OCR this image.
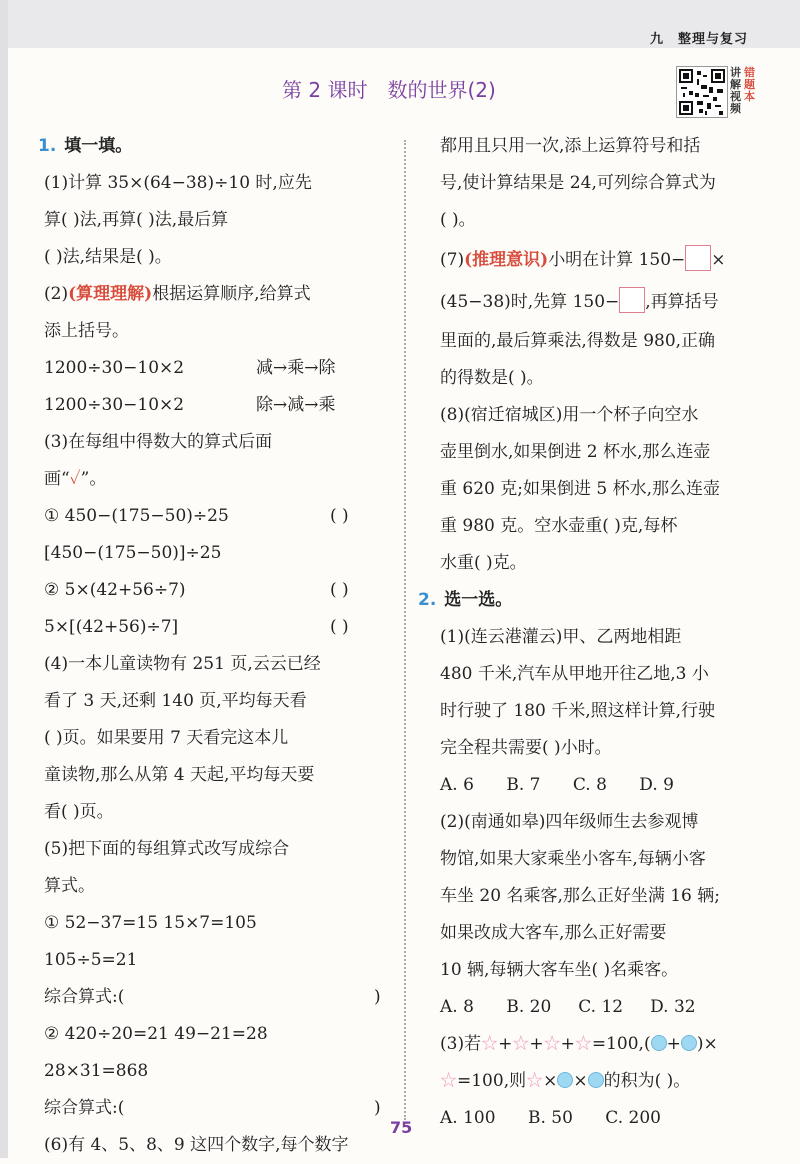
九 整理与复习
第 2 课时 数的世界(2)
讲解视频
错题本
1. 填一填。
(1)计算 35×(64−38)÷10 时,应先
算( )法,再算( )法,最后算
( )法,结果是( )。
(2)(算理理解)根据运算顺序,给算式
添上括号。
1200÷30−10×2	减→乘→除
1200÷30−10×2	除→减→乘
(3)在每组中得数大的算式后面
画“✓”。
① 450−(175−50)÷25	( )
[450−(175−50)]÷25
② 5×(42+56÷7)	( )
5×[(42+56)÷7]	( )
(4)一本儿童读物有 251 页,云云已经
看了 3 天,还剩 140 页,平均每天看
( )页。如果要用 7 天看完这本儿
童读物,那么从第 4 天起,平均每天要
看( )页。
(5)把下面的每组算式改写成综合
算式。
① 52−37=15 15×7=105
105÷5=21
综合算式:(	)
② 420÷20=21 49−21=28
28×31=868
综合算式:(	)
(6)有 4、5、8、9 这四个数字,每个数字
都用且只用一次,添上运算符号和括
号,使计算结果是 24,可列综合算式为
( )。
(7)(推理意识)小明在计算 150− ×
(45−38)时,先算 150− ,再算括号
里面的,最后算乘法,得数是 980,正确
的得数是( )。
(8)(宿迁宿城区)用一个杯子向空水
壶里倒水,如果倒进 2 杯水,那么连壶
重 620 克;如果倒进 5 杯水,那么连壶
重 980 克。空水壶重( )克,每杯
水重( )克。
2. 选一选。
(1)(连云港灌云)甲、乙两地相距
480 千米,汽车从甲地开往乙地,3 小
时行驶了 180 千米,照这样计算,行驶
完全程共需要( )小时。
A. 6      B. 7      C. 8      D. 9
(2)(南通如皋)四年级师生去参观博
物馆,如果大家乘坐小客车,每辆小客
车坐 20 名乘客,那么正好坐满 16 辆;
如果改成大客车,那么正好需要
10 辆,每辆大客车坐( )名乘客。
A. 8      B. 20     C. 12     D. 32
(3)若☆+☆+☆+☆=100,( + )×
☆=100,则☆× × 的积为( )。
A. 100      B. 50      C. 200
75
